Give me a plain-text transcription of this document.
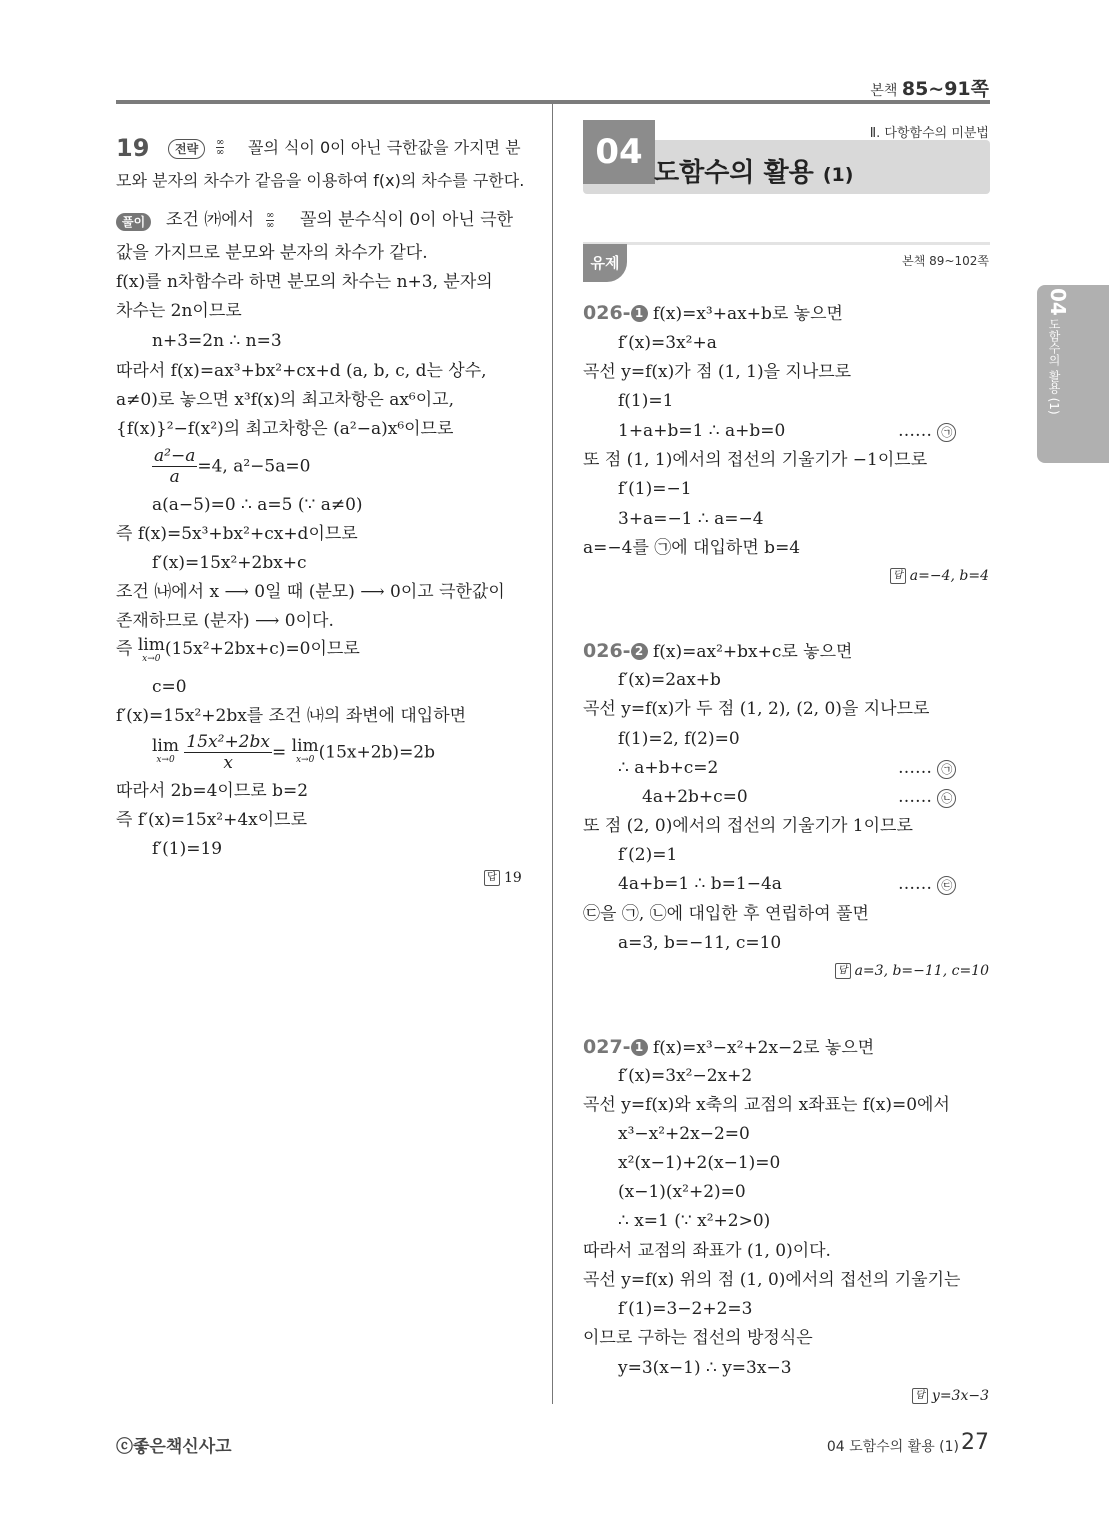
본책 85~91쪽
19	전략	$\frac{\infty}{\infty}$ 꼴의 식이 0이 아닌 극한값을 가지면 분
모와 분자의 차수가 같음을 이용하여 f(x)의 차수를 구한다.
풀이	조건 ㈎에서 $\frac{\infty}{\infty}$ 꼴의 분수식이 0이 아닌 극한
값을 가지므로 분모와 분자의 차수가 같다.
f(x)를 n차함수라 하면 분모의 차수는 n+3, 분자의
차수는 2n이므로
n+3=2n ∴ n=3
따라서 f(x)=ax³+bx²+cx+d (a, b, c, d는 상수,
a≠0)로 놓으면 x³f(x)의 최고차항은 ax⁶이고,
{f(x)}²−f(x²)의 최고차항은 (a²−a)x⁶이므로
$\frac{\text{a²−a}}{a} =4$, a²−5a=0
a(a−5)=0 ∴ a=5 (∵ a≠0)
즉 f(x)=5x³+bx²+cx+d이므로
f′(x)=15x²+2bx+c
조건 ㈏에서 x ⟶ 0일 때 (분모) ⟶ 0이고 극한값이
존재하므로 (분자) ⟶ 0이다.
즉 lim
x→0 (15x²+2bx+c)=0이므로
c=0
f′(x)=15x²+2bx를 조건 ㈏의 좌변에 대입하면
lim
x→0
$\frac{\text{15x²+2bx}}{x} = \lim$
x→0 (15x+2b)=2b
따라서 2b=4이므로 b=2
즉 f′(x)=15x²+4x이므로
f′(1)=19
답 19
04	Ⅱ. 다항함수의 미분법
도함수의 활용 (1)
유제	본책 89~102쪽
026- 1 f(x)=x³+ax+b로 놓으면
f′(x)=3x²+a
곡선 y=f(x)가 점 (1, 1)을 지나므로
f(1)=1
1+a+b=1 ∴ a+b=0	…… ㉠
또 점 (1, 1)에서의 접선의 기울기가 −1이므로
f′(1)=−1
3+a=−1 ∴ a=−4
a=−4를 ㉠에 대입하면 b=4
답 a=−4, b=4
026- 2 f(x)=ax²+bx+c로 놓으면
f′(x)=2ax+b
곡선 y=f(x)가 두 점 (1, 2), (2, 0)을 지나므로
f(1)=2, f(2)=0
∴ a+b+c=2	…… ㉠
4a+2b+c=0	…… ㉡
또 점 (2, 0)에서의 접선의 기울기가 1이므로
f′(2)=1
4a+b=1 ∴ b=1−4a	…… ㉢
㉢을 ㉠, ㉡에 대입한 후 연립하여 풀면
a=3, b=−11, c=10
답 a=3, b=−11, c=10
027- 1 f(x)=x³−x²+2x−2로 놓으면
f′(x)=3x²−2x+2
곡선 y=f(x)와 x축의 교점의 x좌표는 f(x)=0에서
x³−x²+2x−2=0
x²(x−1)+2(x−1)=0
(x−1)(x²+2)=0
∴ x=1 (∵ x²+2>0)
따라서 교점의 좌표가 (1, 0)이다.
곡선 y=f(x) 위의 점 (1, 0)에서의 접선의 기울기는
f′(1)=3−2+2=3
이므로 구하는 접선의 방정식은
y=3(x−1) ∴ y=3x−3
답 y=3x−3
04
도함수의 활용 (1)
ⓒ좋은책신사고	04 도함수의 활용 (1) 27
